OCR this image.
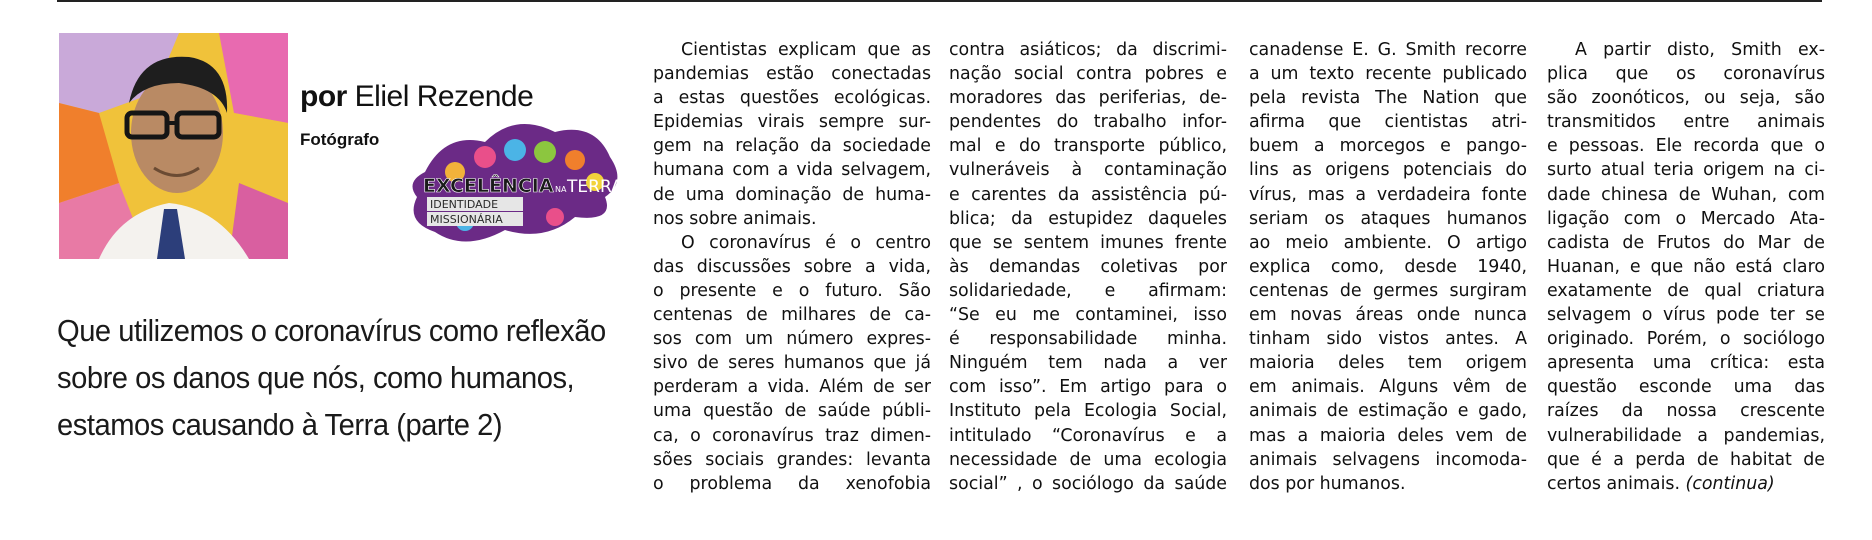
por Eliel Rezende
Fotógrafo
EXCELÊNCIA NA TERRA
IDENTIDADE
MISSIONÁRIA
Que utilizemos o coronavírus como reflexão
sobre os danos que nós, como humanos,
estamos causando à Terra (parte 2)
Cientistas explicam que as
pandemias estão conectadas
a estas questões ecológicas.
Epidemias virais sempre sur-
gem na relação da sociedade
humana com a vida selvagem,
de uma dominação de huma-
nos sobre animais.
O coronavírus é o centro
das discussões sobre a vida,
o presente e o futuro. São
centenas de milhares de ca-
sos com um número expres-
sivo de seres humanos que já
perderam a vida. Além de ser
uma questão de saúde públi-
ca, o coronavírus traz dimen-
sões sociais grandes: levanta
o problema da xenofobia
contra asiáticos; da discrimi-
nação social contra pobres e
moradores das periferias, de-
pendentes do trabalho infor-
mal e do transporte público,
vulneráveis à contaminação
e carentes da assistência pú-
blica; da estupidez daqueles
que se sentem imunes frente
às demandas coletivas por
solidariedade, e afirmam:
“Se eu me contaminei, isso
é responsabilidade minha.
Ninguém tem nada a ver
com isso”. Em artigo para o
Instituto pela Ecologia Social,
intitulado “Coronavírus e a
necessidade de uma ecologia
social” , o sociólogo da saúde
canadense E. G. Smith recorre
a um texto recente publicado
pela revista The Nation que
afirma que cientistas atri-
buem a morcegos e pango-
lins as origens potenciais do
vírus, mas a verdadeira fonte
seriam os ataques humanos
ao meio ambiente. O artigo
explica como, desde 1940,
centenas de germes surgiram
em novas áreas onde nunca
tinham sido vistos antes. A
maioria deles tem origem
em animais. Alguns vêm de
animais de estimação e gado,
mas a maioria deles vem de
animais selvagens incomoda-
dos por humanos.
A partir disto, Smith ex-
plica que os coronavírus
são zoonóticos, ou seja, são
transmitidos entre animais
e pessoas. Ele recorda que o
surto atual teria origem na ci-
dade chinesa de Wuhan, com
ligação com o Mercado Ata-
cadista de Frutos do Mar de
Huanan, e que não está claro
exatamente de qual criatura
selvagem o vírus pode ter se
originado. Porém, o sociólogo
apresenta uma crítica: esta
questão esconde uma das
raízes da nossa crescente
vulnerabilidade a pandemias,
que é a perda de habitat de
certos animais. (continua)
